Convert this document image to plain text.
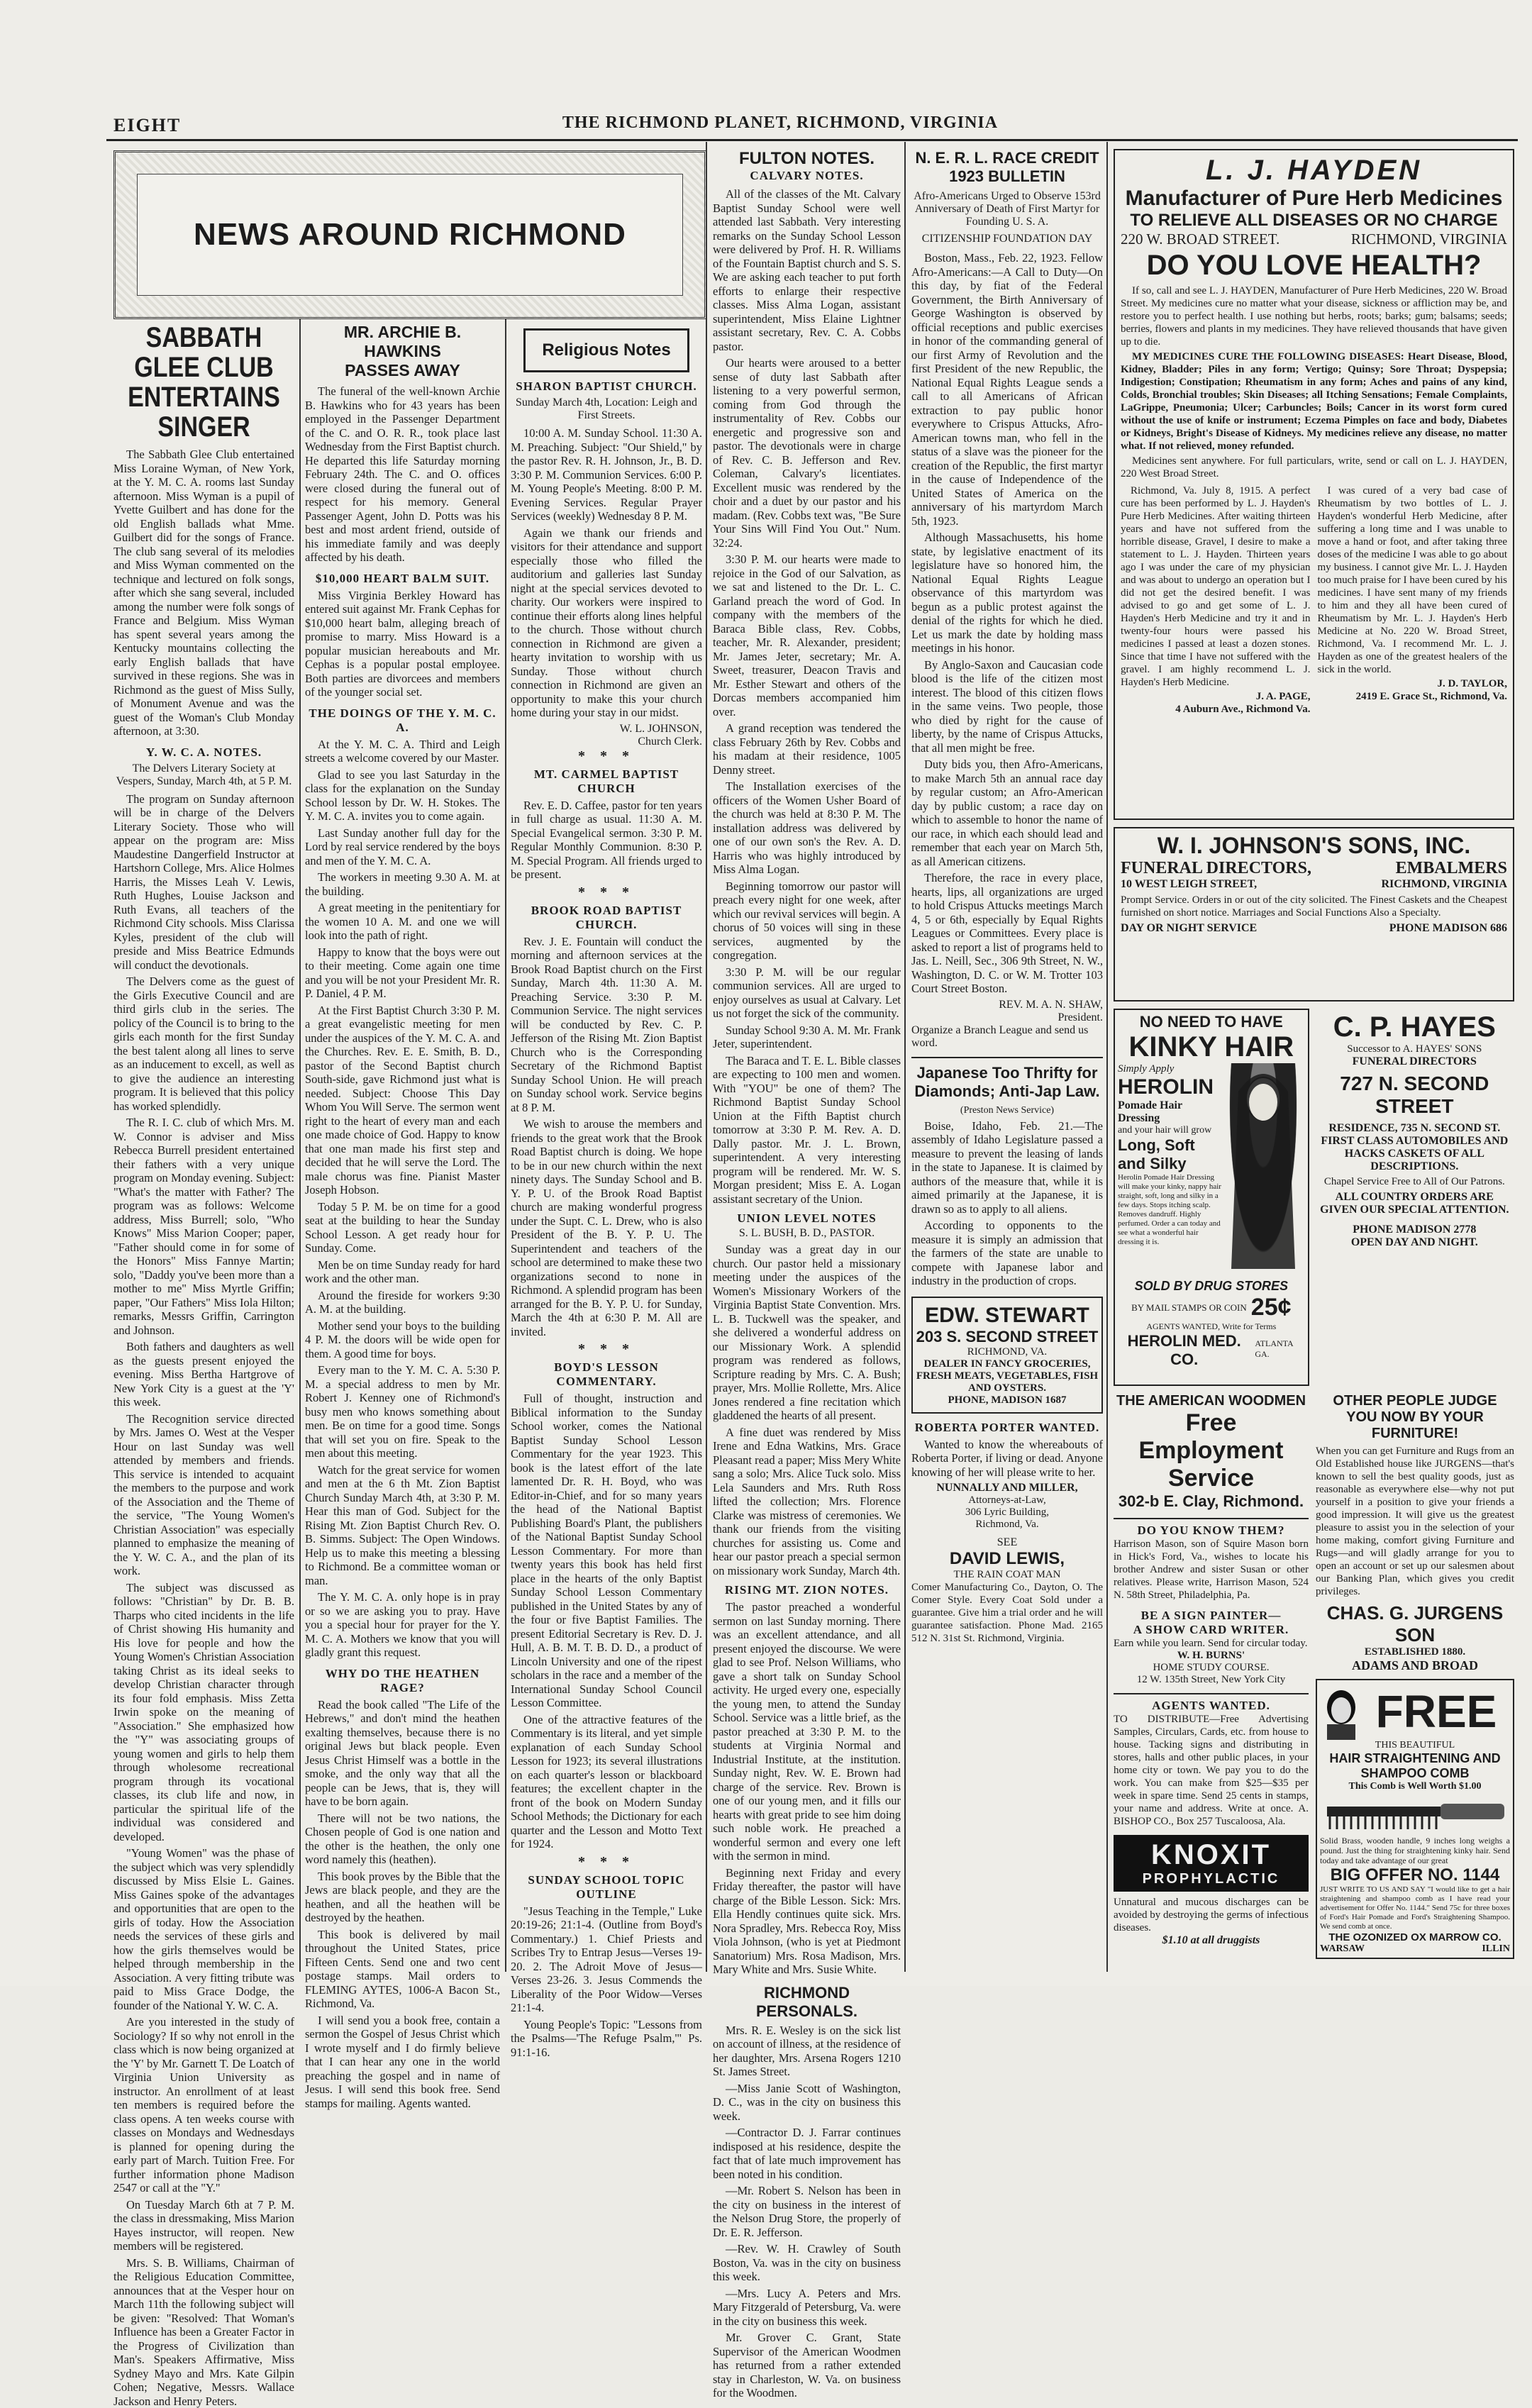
EIGHT	THE RICHMOND PLANET, RICHMOND, VIRGINIA
NEWS AROUND RICHMOND
SABBATH GLEE CLUB
ENTERTAINS SINGER

The Sabbath Glee Club entertained Miss Loraine Wyman, of New York, at the Y. M. C. A. rooms last Sunday afternoon. Miss Wyman is a pupil of Yvette Guilbert and has done for the old English ballads what Mme. Guilbert did for the songs of France. The club sang several of its melodies and Miss Wyman commented on the technique and lectured on folk songs, after which she sang several, included among the number were folk songs of France and Belgium. Miss Wyman has spent several years among the Kentucky mountains collecting the early English ballads that have survived in these regions. She was in Richmond as the guest of Miss Sully, of Monument Avenue and was the guest of the Woman's Club Monday afternoon, at 3:30.

Y. W. C. A. NOTES.
The Delvers Literary Society at Vespers, Sunday, March 4th, at 5 P. M.

The program on Sunday afternoon will be in charge of the Delvers Literary Society. Those who will appear on the program are: Miss Maudestine Dangerfield Instructor at Hartshorn College, Mrs. Alice Holmes Harris, the Misses Leah V. Lewis, Ruth Hughes, Louise Jackson and Ruth Evans, all teachers of the Richmond City schools. Miss Clarissa Kyles, president of the club will preside and Miss Beatrice Edmunds will conduct the devotionals.

The Delvers come as the guest of the Girls Executive Council and are third girls club in the series. The policy of the Council is to bring to the girls each month for the first Sunday the best talent along all lines to serve as an inducement to excell, as well as to give the audience an interesting program. It is believed that this policy has worked splendidly.

The R. I. C. club of which Mrs. M. W. Connor is adviser and Miss Rebecca Burrell president entertained their fathers with a very unique program on Monday evening. Subject: "What's the matter with Father? The program was as follows: Welcome address, Miss Burrell; solo, "Who Knows" Miss Marion Cooper; paper, "Father should come in for some of the Honors" Miss Fannye Martin; solo, "Daddy you've been more than a mother to me" Miss Myrtle Griffin; paper, "Our Fathers" Miss Iola Hilton; remarks, Messrs Griffin, Carrington and Johnson.

Both fathers and daughters as well as the guests present enjoyed the evening. Miss Bertha Hartgrove of New York City is a guest at the 'Y' this week.

The Recognition service directed by Mrs. James O. West at the Vesper Hour on last Sunday was well attended by members and friends. This service is intended to acquaint the members to the purpose and work of the Association and the Theme of the service, "The Young Women's Christian Association" was especially planned to emphasize the meaning of the Y. W. C. A., and the plan of its work.

The subject was discussed as follows: "Christian" by Dr. B. B. Tharps who cited incidents in the life of Christ showing His humanity and His love for people and how the Young Women's Christian Association taking Christ as its ideal seeks to develop Christian character through its four fold emphasis. Miss Zetta Irwin spoke on the meaning of "Association." She emphasized how the "Y" was associating groups of young women and girls to help them through wholesome recreational program through its vocational classes, its club life and now, in particular the spiritual life of the individual was considered and developed.

"Young Women" was the phase of the subject which was very splendidly discussed by Miss Elsie L. Gaines. Miss Gaines spoke of the advantages and opportunities that are open to the girls of today. How the Association needs the services of these girls and how the girls themselves would be helped through membership in the Association. A very fitting tribute was paid to Miss Grace Dodge, the founder of the National Y. W. C. A.

Are you interested in the study of Sociology? If so why not enroll in the class which is now being organized at the 'Y' by Mr. Garnett T. De Loatch of Virginia Union University as instructor. An enrollment of at least ten members is required before the class opens. A ten weeks course with classes on Mondays and Wednesdays is planned for opening during the early part of March. Tuition Free. For further information phone Madison 2547 or call at the "Y."

On Tuesday March 6th at 7 P. M. the class in dressmaking, Miss Marion Hayes instructor, will reopen. New members will be registered.

Mrs. S. B. Williams, Chairman of the Religious Education Committee, announces that at the Vesper hour on March 11th the following subject will be given: "Resolved: That Woman's Influence has been a Greater Factor in the Progress of Civilization than Man's. Speakers Affirmative, Miss Sydney Mayo and Mrs. Kate Gilpin Cohen; Negative, Messrs. Wallace Jackson and Henry Peters.

MR. ARCHIE B. HAWKINS
PASSES AWAY

The funeral of the well-known Archie B. Hawkins who for 43 years has been employed in the Passenger Department of the C. and O. R. R., took place last Wednesday from the First Baptist church. He departed this life Saturday morning February 24th. The C. and O. offices were closed during the funeral out of respect for his memory. General Passenger Agent, John D. Potts was his best and most ardent friend, outside of his immediate family and was deeply affected by his death.

$10,000 HEART BALM SUIT.

Miss Virginia Berkley Howard has entered suit against Mr. Frank Cephas for $10,000 heart balm, alleging breach of promise to marry. Miss Howard is a popular musician hereabouts and Mr. Cephas is a popular postal employee. Both parties are divorcees and members of the younger social set.

THE DOINGS OF THE Y. M. C. A.

At the Y. M. C. A. Third and Leigh streets a welcome covered by our Master.

Glad to see you last Saturday in the class for the explanation on the Sunday School lesson by Dr. W. H. Stokes. The Y. M. C. A. invites you to come again.

Last Sunday another full day for the Lord by real service rendered by the boys and men of the Y. M. C. A.

The workers in meeting 9.30 A. M. at the building.

A great meeting in the penitentiary for the women 10 A. M. and one we will look into the path of right.

Happy to know that the boys were out to their meeting. Come again one time and you will be not your President Mr. R. P. Daniel, 4 P. M.

At the First Baptist Church 3:30 P. M. a great evangelistic meeting for men under the auspices of the Y. M. C. A. and the Churches. Rev. E. E. Smith, B. D., pastor of the Second Baptist church South-side, gave Richmond just what is needed. Subject: Choose This Day Whom You Will Serve. The sermon went right to the heart of every man and each one made choice of God. Happy to know that one man made his first step and decided that he will serve the Lord. The male chorus was fine. Pianist Master Joseph Hobson.

Today 5 P. M. be on time for a good seat at the building to hear the Sunday School Lesson. A get ready hour for Sunday. Come.

Men be on time Sunday ready for hard work and the other man.

Around the fireside for workers 9:30 A. M. at the building.

Mother send your boys to the building 4 P. M. the doors will be wide open for them. A good time for boys.

Every man to the Y. M. C. A. 5:30 P. M. a special address to men by Mr. Robert J. Kenney one of Richmond's busy men who knows something about men. Be on time for a good time. Songs that will set you on fire. Speak to the men about this meeting.

Watch for the great service for women and men at the 6 th Mt. Zion Baptist Church Sunday March 4th, at 3:30 P. M. Hear this man of God. Subject for the Rising Mt. Zion Baptist Church Rev. O. B. Simms. Subject: The Open Windows. Help us to make this meeting a blessing to Richmond. Be a committee woman or man.

The Y. M. C. A. only hope is in pray or so we are asking you to pray. Have you a special hour for prayer for the Y. M. C. A. Mothers we know that you will gladly grant this request.

WHY DO THE HEATHEN RAGE?

Read the book called "The Life of the Hebrews," and don't mind the heathen exalting themselves, because there is no original Jews but black people. Even Jesus Christ Himself was a bottle in the smoke, and the only way that all the people can be Jews, that is, they will have to be born again.

There will not be two nations, the Chosen people of God is one nation and the other is the heathen, the only one word namely this (heathen).

This book proves by the Bible that the Jews are black people, and they are the heathen, and all the heathen will be destroyed by the heathen.

This book is delivered by mail throughout the United States, price Fifteen Cents. Send one and two cent postage stamps. Mail orders to FLEMING AYTES, 1006-A Bacon St., Richmond, Va.

I will send you a book free, contain a sermon the Gospel of Jesus Christ which I wrote myself and I do firmly believe that I can hear any one in the world preaching the gospel and in name of Jesus. I will send this book free. Send stamps for mailing. Agents wanted.

Religious Notes
SHARON BAPTIST CHURCH.
Sunday March 4th, Location: Leigh and First Streets.

10:00 A. M. Sunday School. 11:30 A. M. Preaching. Subject: "Our Shield," by the pastor Rev. R. H. Johnson, Jr., B. D. 3:30 P. M. Communion Services. 6:00 P. M. Young People's Meeting. 8:00 P. M. Evening Services. Regular Prayer Services (weekly) Wednesday 8 P. M.

Again we thank our friends and visitors for their attendance and support especially those who filled the auditorium and galleries last Sunday night at the special services devoted to charity. Our workers were inspired to continue their efforts along lines helpful to the church. Those without church connection in Richmond are given a hearty invitation to worship with us Sunday. Those without church connection in Richmond are given an opportunity to make this your church home during your stay in our midst.

W. L. JOHNSON,
Church Clerk.
* * *
MT. CARMEL BAPTIST CHURCH

Rev. E. D. Caffee, pastor for ten years in full charge as usual. 11:30 A. M. Special Evangelical sermon. 3:30 P. M. Regular Monthly Communion. 8:30 P. M. Special Program. All friends urged to be present.

* * *
BROOK ROAD BAPTIST CHURCH.

Rev. J. E. Fountain will conduct the morning and afternoon services at the Brook Road Baptist church on the First Sunday, March 4th. 11:30 A. M. Preaching Service. 3:30 P. M. Communion Service. The night services will be conducted by Rev. C. P. Jefferson of the Rising Mt. Zion Baptist Church who is the Corresponding Secretary of the Richmond Baptist Sunday School Union. He will preach on Sunday school work. Service begins at 8 P. M.

We wish to arouse the members and friends to the great work that the Brook Road Baptist church is doing. We hope to be in our new church within the next ninety days. The Sunday School and B. Y. P. U. of the Brook Road Baptist church are making wonderful progress under the Supt. C. L. Drew, who is also President of the B. Y. P. U. The Superintendent and teachers of the school are determined to make these two organizations second to none in Richmond. A splendid program has been arranged for the B. Y. P. U. for Sunday, March the 4th at 6:30 P. M. All are invited.

* * *
BOYD'S LESSON COMMENTARY.

Full of thought, instruction and Biblical information to the Sunday School worker, comes the National Baptist Sunday School Lesson Commentary for the year 1923. This book is the latest effort of the late lamented Dr. R. H. Boyd, who was Editor-in-Chief, and for so many years the head of the National Baptist Publishing Board's Plant, the publishers of the National Baptist Sunday School Lesson Commentary. For more than twenty years this book has held first place in the hearts of the only Baptist Sunday School Lesson Commentary published in the United States by any of the four or five Baptist Families. The present Editorial Secretary is Rev. D. J. Hull, A. B. M. T. B. D. D., a product of Lincoln University and one of the ripest scholars in the race and a member of the International Sunday School Council Lesson Committee.

One of the attractive features of the Commentary is its literal, and yet simple explanation of each Sunday School Lesson for 1923; its several illustrations on each quarter's lesson or blackboard features; the excellent chapter in the front of the book on Modern Sunday School Methods; the Dictionary for each quarter and the Lesson and Motto Text for 1924.

* * *
SUNDAY SCHOOL TOPIC OUTLINE

"Jesus Teaching in the Temple," Luke 20:19-26; 21:1-4. (Outline from Boyd's Commentary.) 1. Chief Priests and Scribes Try to Entrap Jesus—Verses 19-20. 2. The Adroit Move of Jesus—Verses 23-26. 3. Jesus Commends the Liberality of the Poor Widow—Verses 21:1-4.

Young People's Topic: "Lessons from the Psalms—'The Refuge Psalm,'" Ps. 91:1-16.

FULTON NOTES.
CALVARY NOTES.

All of the classes of the Mt. Calvary Baptist Sunday School were well attended last Sabbath. Very interesting remarks on the Sunday School Lesson were delivered by Prof. H. R. Williams of the Fountain Baptist church and S. S. We are asking each teacher to put forth efforts to enlarge their respective classes. Miss Alma Logan, assistant superintendent, Miss Elaine Lightner assistant secretary, Rev. C. A. Cobbs pastor.

Our hearts were aroused to a better sense of duty last Sabbath after listening to a very powerful sermon, coming from God through the instrumentality of Rev. Cobbs our energetic and progressive son and pastor. The devotionals were in charge of Rev. C. B. Jefferson and Rev. Coleman, Calvary's licentiates. Excellent music was rendered by the choir and a duet by our pastor and his madam. (Rev. Cobbs text was, "Be Sure Your Sins Will Find You Out." Num. 32:24.

3:30 P. M. our hearts were made to rejoice in the God of our Salvation, as we sat and listened to the Dr. L. C. Garland preach the word of God. In company with the members of the Baraca Bible class, Rev. Cobbs, teacher, Mr. R. Alexander, president; Mr. James Jeter, secretary; Mr. A. Sweet, treasurer, Deacon Travis and Mr. Esther Stewart and others of the Dorcas members accompanied him over.

A grand reception was tendered the class February 26th by Rev. Cobbs and his madam at their residence, 1005 Denny street.

The Installation exercises of the officers of the Women Usher Board of the church was held at 8:30 P. M. The installation address was delivered by one of our own son's the Rev. A. D. Harris who was highly introduced by Miss Alma Logan.

Beginning tomorrow our pastor will preach every night for one week, after which our revival services will begin. A chorus of 50 voices will sing in these services, augmented by the congregation.

3:30 P. M. will be our regular communion services. All are urged to enjoy ourselves as usual at Calvary. Let us not forget the sick of the community.

Sunday School 9:30 A. M. Mr. Frank Jeter, superintendent.

The Baraca and T. E. L. Bible classes are expecting to 100 men and women. With "YOU" be one of them? The Richmond Baptist Sunday School Union at the Fifth Baptist church tomorrow at 3:30 P. M. Rev. A. D. Dally pastor. Mr. J. L. Brown, superintendent. A very interesting program will be rendered. Mr. W. S. Morgan president; Miss E. A. Logan assistant secretary of the Union.

UNION LEVEL NOTES
S. L. BUSH, B. D., PASTOR.

Sunday was a great day in our church. Our pastor held a missionary meeting under the auspices of the Women's Missionary Workers of the Virginia Baptist State Convention. Mrs. L. B. Tuckwell was the speaker, and she delivered a wonderful address on our Missionary Work. A splendid program was rendered as follows, Scripture reading by Mrs. C. A. Bush; prayer, Mrs. Mollie Rollette, Mrs. Alice Jones rendered a fine recitation which gladdened the hearts of all present.

A fine duet was rendered by Miss Irene and Edna Watkins, Mrs. Grace Pleasant read a paper; Miss Mery White sang a solo; Mrs. Alice Tuck solo. Miss Lela Saunders and Mrs. Ruth Ross lifted the collection; Mrs. Florence Clarke was mistress of ceremonies. We thank our friends from the visiting churches for assisting us. Come and hear our pastor preach a special sermon on missionary work Sunday, March 4th.

RISING MT. ZION NOTES.

The pastor preached a wonderful sermon on last Sunday morning. There was an excellent attendance, and all present enjoyed the discourse. We were glad to see Prof. Nelson Williams, who gave a short talk on Sunday School activity. He urged every one, especially the young men, to attend the Sunday School. Service was a little brief, as the pastor preached at 3:30 P. M. to the students at Virginia Normal and Industrial Institute, at the institution. Sunday night, Rev. W. E. Brown had charge of the service. Rev. Brown is one of our young men, and it fills our hearts with great pride to see him doing such noble work. He preached a wonderful sermon and every one left with the sermon in mind.

Beginning next Friday and every Friday thereafter, the pastor will have charge of the Bible Lesson. Sick: Mrs. Ella Hendly continues quite sick. Mrs. Nora Spradley, Mrs. Rebecca Roy, Miss Viola Johnson, (who is yet at Piedmont Sanatorium) Mrs. Rosa Madison, Mrs. Mary White and Mrs. Susie White.

RICHMOND PERSONALS.

Mrs. R. E. Wesley is on the sick list on account of illness, at the residence of her daughter, Mrs. Arsena Rogers 1210 St. James Street.

—Miss Janie Scott of Washington, D. C., was in the city on business this week.

—Contractor D. J. Farrar continues indisposed at his residence, despite the fact that of late much improvement has been noted in his condition.

—Mr. Robert S. Nelson has been in the city on business in the interest of the Nelson Drug Store, the properly of Dr. E. R. Jefferson.

—Rev. W. H. Crawley of South Boston, Va. was in the city on business this week.

—Mrs. Lucy A. Peters and Mrs. Mary Fitzgerald of Petersburg, Va. were in the city on business this week.

Mr. Grover C. Grant, State Supervisor of the American Woodmen has returned from a rather extended stay in Charleston, W. Va. on business for the Woodmen.

N. E. R. L. RACE CREDIT
1923 BULLETIN
Afro-Americans Urged to Observe 153rd Anniversary of Death of First Martyr for Founding U. S. A.
CITIZENSHIP FOUNDATION DAY

Boston, Mass., Feb. 22, 1923. Fellow Afro-Americans:—A Call to Duty—On this day, by fiat of the Federal Government, the Birth Anniversary of George Washington is observed by official receptions and public exercises in honor of the commanding general of our first Army of Revolution and the first President of the new Republic, the National Equal Rights League sends a call to all Americans of African extraction to pay public honor everywhere to Crispus Attucks, Afro-American towns man, who fell in the status of a slave was the pioneer for the creation of the Republic, the first martyr in the cause of Independence of the United States of America on the anniversary of his martyrdom March 5th, 1923.

Although Massachusetts, his home state, by legislative enactment of its legislature have so honored him, the National Equal Rights League observance of this martyrdom was begun as a public protest against the denial of the rights for which he died. Let us mark the date by holding mass meetings in his honor.

By Anglo-Saxon and Caucasian code blood is the life of the citizen most interest. The blood of this citizen flows in the same veins. Two people, those who died by right for the cause of liberty, by the name of Crispus Attucks, that all men might be free.

Duty bids you, then Afro-Americans, to make March 5th an annual race day by regular custom; an Afro-American day by public custom; a race day on which to assemble to honor the name of our race, in which each should lead and remember that each year on March 5th, as all American citizens.

Therefore, the race in every place, hearts, lips, all organizations are urged to hold Crispus Attucks meetings March 4, 5 or 6th, especially by Equal Rights Leagues or Committees. Every place is asked to report a list of programs held to Jas. L. Neill, Sec., 306 9th Street, N. W., Washington, D. C. or W. M. Trotter 103 Court Street Boston.

REV. M. A. N. SHAW,
President.
Organize a Branch League and send us word.
Japanese Too Thrifty for Diamonds; Anti-Jap Law.
(Preston News Service)

Boise, Idaho, Feb. 21.—The assembly of Idaho Legislature passed a measure to prevent the leasing of lands in the state to Japanese. It is claimed by authors of the measure that, while it is aimed primarily at the Japanese, it is drawn so as to apply to all aliens.

According to opponents to the measure it is simply an admission that the farmers of the state are unable to compete with Japanese labor and industry in the production of crops.

EDW. STEWART
203 S. SECOND STREET
RICHMOND, VA.
DEALER IN FANCY GROCERIES, FRESH MEATS, VEGETABLES, FISH AND OYSTERS.
PHONE, MADISON 1687
ROBERTA PORTER WANTED.

Wanted to know the whereabouts of Roberta Porter, if living or dead. Anyone knowing of her will please write to her.

NUNNALLY AND MILLER,
Attorneys-at-Law,
306 Lyric Building,
Richmond, Va.
SEE
DAVID LEWIS,
THE RAIN COAT MAN

Comer Manufacturing Co., Dayton, O. The Comer Style. Every Coat Sold under a guarantee. Give him a trial order and he will guarantee satisfaction. Phone Mad. 2165 512 N. 31st St. Richmond, Virginia.

L. J. HAYDEN
Manufacturer of Pure Herb Medicines
TO RELIEVE ALL DISEASES OR NO CHARGE
220 W. BROAD STREET.	RICHMOND, VIRGINIA
DO YOU LOVE HEALTH?

If so, call and see L. J. HAYDEN, Manufacturer of Pure Herb Medicines, 220 W. Broad Street. My medicines cure no matter what your disease, sickness or affliction may be, and restore you to perfect health. I use nothing but herbs, roots; barks; gum; balsams; seeds; berries, flowers and plants in my medicines. They have relieved thousands that have given up to die.

MY MEDICINES CURE THE FOLLOWING DISEASES: Heart Disease, Blood, Kidney, Bladder; Piles in any form; Vertigo; Quinsy; Sore Throat; Dyspepsia; Indigestion; Constipation; Rheumatism in any form; Aches and pains of any kind, Colds, Bronchial troubles; Skin Diseases; all Itching Sensations; Female Complaints, LaGrippe, Pneumonia; Ulcer; Carbuncles; Boils; Cancer in its worst form cured without the use of knife or instrument; Eczema Pimples on face and body, Diabetes or Kidneys, Bright's Disease of Kidneys. My medicines relieve any disease, no matter what. If not relieved, money refunded.

Medicines sent anywhere. For full particulars, write, send or call on L. J. HAYDEN, 220 West Broad Street.

Richmond, Va. July 8, 1915. A perfect cure has been performed by L. J. Hayden's Pure Herb Medicines. After waiting thirteen years and have not suffered from the horrible disease, Gravel, I desire to make a statement to L. J. Hayden. Thirteen years ago I was under the care of my physician and was about to undergo an operation but I did not get the desired benefit. I was advised to go and get some of L. J. Hayden's Herb Medicine and try it and in twenty-four hours were passed his medicines I passed at least a dozen stones. Since that time I have not suffered with the gravel. I am highly recommend L. J. Hayden's Herb Medicine.

J. A. PAGE,
4 Auburn Ave., Richmond Va.

I was cured of a very bad case of Rheumatism by two bottles of L. J. Hayden's wonderful Herb Medicine, after suffering a long time and I was unable to move a hand or foot, and after taking three doses of the medicine I was able to go about my business. I cannot give Mr. L. J. Hayden too much praise for I have been cured by his medicines. I have sent many of my friends to him and they all have been cured of Rheumatism by Mr. L. J. Hayden's Herb Medicine at No. 220 W. Broad Street, Richmond, Va. I recommend Mr. L. J. Hayden as one of the greatest healers of the sick in the world.

J. D. TAYLOR,
2419 E. Grace St., Richmond, Va.
W. I. JOHNSON'S SONS, INC.
FUNERAL DIRECTORS,	EMBALMERS
10 WEST LEIGH STREET,	RICHMOND, VIRGINIA
Prompt Service. Orders in or out of the city solicited. The Finest Caskets and the Cheapest furnished on short notice. Marriages and Social Functions Also a Specialty.
DAY OR NIGHT SERVICE	PHONE MADISON 686
NO NEED TO HAVE
KINKY HAIR
Simply Apply
HEROLIN
Pomade Hair Dressing
and your hair will grow
Long, Soft and Silky
Herolin Pomade Hair Dressing will make your kinky, nappy hair straight, soft, long and silky in a few days. Stops itching scalp. Removes dandruff. Highly perfumed. Order a can today and see what a wonderful hair dressing it is.
SOLD BY DRUG STORES
BY MAIL STAMPS OR COIN 25¢
AGENTS WANTED, Write for Terms
HEROLIN MED. CO.
ATLANTA GA.
C. P. HAYES
Successor to A. HAYES' SONS
FUNERAL DIRECTORS
727 N. SECOND STREET
RESIDENCE, 735 N. SECOND ST.
FIRST CLASS AUTOMOBILES AND HACKS CASKETS OF ALL DESCRIPTIONS.
Chapel Service Free to All of Our Patrons.
ALL COUNTRY ORDERS ARE GIVEN OUR SPECIAL ATTENTION.
PHONE MADISON 2778
OPEN DAY AND NIGHT.
THE AMERICAN WOODMEN
Free Employment
Service
302-b E. Clay, Richmond.
DO YOU KNOW THEM?
Harrison Mason, son of Squire Mason born in Hick's Ford, Va., wishes to locate his brother Andrew and sister Susan or other relatives. Please write, Harrison Mason, 524 N. 58th Street, Philadelphia, Pa.
BE A SIGN PAINTER—
A SHOW CARD WRITER.
Earn while you learn. Send for circular today.
W. H. BURNS'
HOME STUDY COURSE.
12 W. 135th Street, New York City
AGENTS WANTED.
TO DISTRIBUTE—Free Advertising Samples, Circulars, Cards, etc. from house to house. Tacking signs and distributing in stores, halls and other public places, in your home city or town. We pay you to do the work. You can make from $25—$35 per week in spare time. Send 25 cents in stamps, your name and address. Write at once. A. BISHOP CO., Box 257 Tuscaloosa, Ala.
KNOXIT
PROPHYLACTIC
Unnatural and mucous discharges can be avoided by destroying the germs of infectious diseases.
$1.10 at all druggists
OTHER PEOPLE JUDGE
YOU NOW BY YOUR
FURNITURE!
When you can get Furniture and Rugs from an Old Established house like JURGENS—that's known to sell the best quality goods, just as reasonable as everywhere else—why not put yourself in a position to give your friends a good impression. It will give us the greatest pleasure to assist you in the selection of your home making, comfort giving Furniture and Rugs—and will gladly arrange for you to open an account or set up our salesmen about our Banking Plan, which gives you credit privileges.
CHAS. G. JURGENS SON
ESTABLISHED 1880.
ADAMS AND BROAD
FREE
THIS BEAUTIFUL
HAIR STRAIGHTENING AND SHAMPOO COMB
This Comb is Well Worth $1.00
Solid Brass, wooden handle, 9 inches long weighs a pound. Just the thing for straightening kinky hair. Send today and take advantage of our great
BIG OFFER NO. 1144
JUST WRITE TO US AND SAY "I would like to get a hair straightening and shampoo comb as I have read your advertisement for Offer No. 1144." Send 75c for three boxes of Ford's Hair Pomade and Ford's Straightening Shampoo. We send comb at once.
THE OZONIZED OX MARROW CO.
WARSAW	ILLIN
